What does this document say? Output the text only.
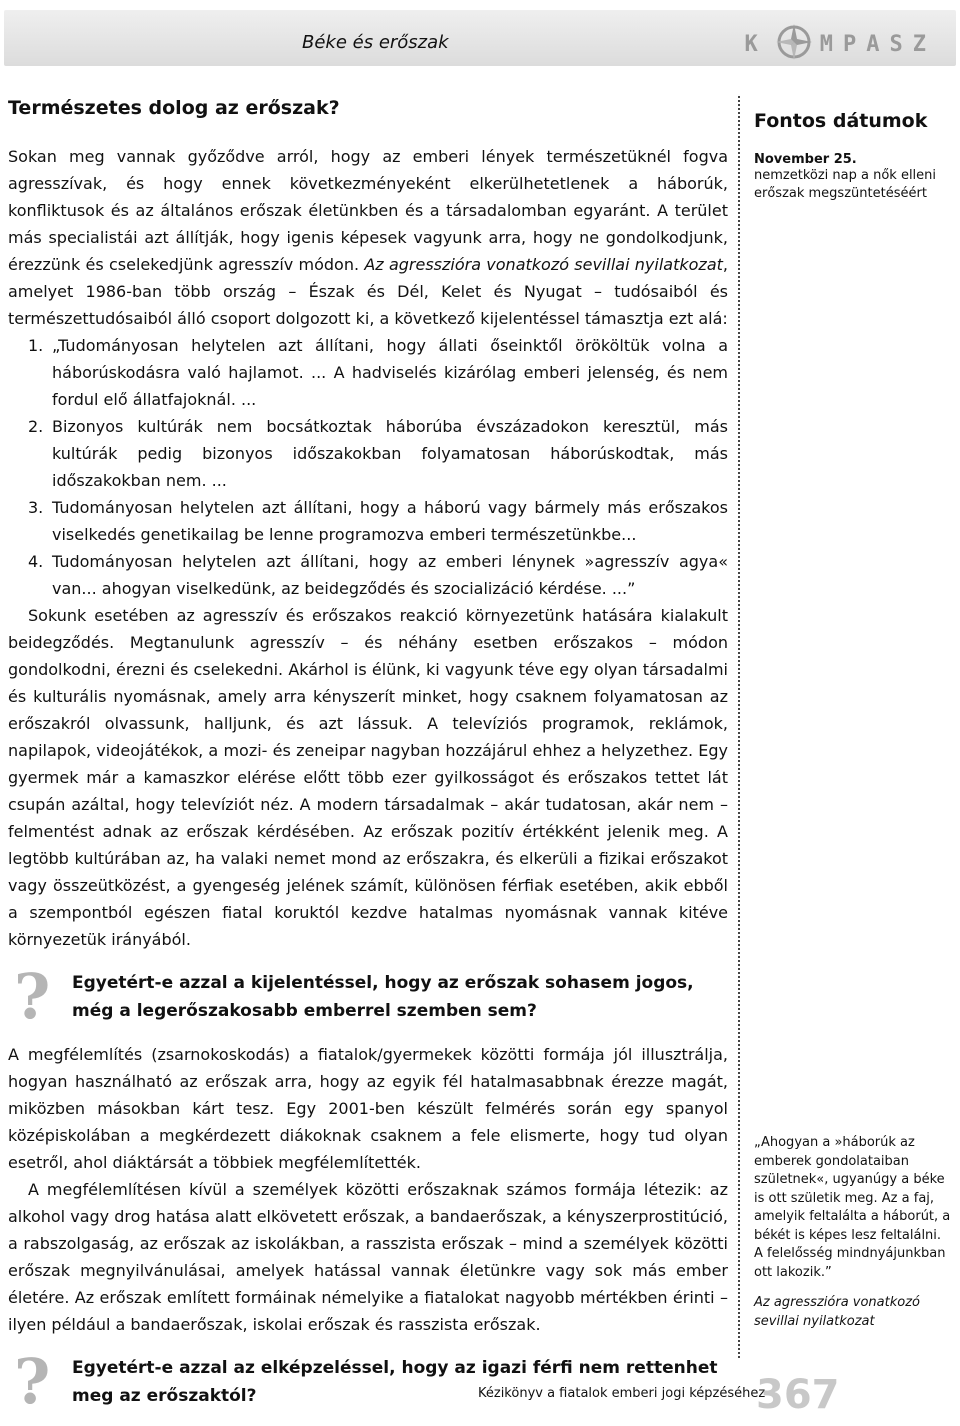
Béke és erőszak	K MPASZ
Természetes dolog az erőszak?

Sokan meg vannak győződve arról, hogy az emberi lények természetüknél fogva agresszívak, és hogy ennek következményeként elkerülhetetlenek a háborúk, konfliktusok és az általános erőszak életünkben és a társadalomban egyaránt. A terület más specialistái azt állítják, hogy igenis képesek vagyunk arra, hogy ne gondolkodjunk, érezzünk és cselekedjünk agresszív módon. Az agresszióra vonatkozó sevillai nyilatkozat, amelyet 1986-ban több ország – Észak és Dél, Kelet és Nyugat – tudósaiból és természettudósaiból álló csoport dolgozott ki, a következő kijelentéssel támasztja ezt alá:

1. „Tudományosan helytelen azt állítani, hogy állati őseinktől örököltük volna a háborúskodásra való hajlamot. ... A hadviselés kizárólag emberi jelenség, és nem fordul elő állatfajoknál. ...
2. Bizonyos kultúrák nem bocsátkoztak háborúba évszázadokon keresztül, más kultúrák pedig bizonyos időszakokban folyamatosan háborúskodtak, más időszakokban nem. ...
3. Tudományosan helytelen azt állítani, hogy a háború vagy bármely más erőszakos viselkedés genetikailag be lenne programozva emberi természetünkbe...
4. Tudományosan helytelen azt állítani, hogy az emberi lénynek »agresszív agya« van... ahogyan viselkedünk, az beidegződés és szocializáció kérdése. ...”

Sokunk esetében az agresszív és erőszakos reakció környezetünk hatására kialakult beidegződés. Megtanulunk agresszív – és néhány esetben erőszakos – módon gondolkodni, érezni és cselekedni. Akárhol is élünk, ki vagyunk téve egy olyan társadalmi és kulturális nyomásnak, amely arra kényszerít minket, hogy csaknem folyamatosan az erőszakról olvassunk, halljunk, és azt lássuk. A televíziós programok, reklámok, napilapok, videojátékok, a mozi- és zeneipar nagyban hozzájárul ehhez a helyzethez. Egy gyermek már a kamaszkor elérése előtt több ezer gyilkosságot és erőszakos tettet lát csupán azáltal, hogy televíziót néz. A modern társadalmak – akár tudatosan, akár nem – felmentést adnak az erőszak kérdésében. Az erőszak pozitív értékként jelenik meg. A legtöbb kultúrában az, ha valaki nemet mond az erőszakra, és elkerüli a fizikai erőszakot vagy összeütközést, a gyengeség jelének számít, különösen férfiak esetében, akik ebből a szempontból egészen fiatal koruktól kezdve hatalmas nyomásnak vannak kitéve környezetük irányából.

? Egyetért-e azzal a kijelentéssel, hogy az erőszak sohasem jogos, még a legerőszakosabb emberrel szemben sem?

A megfélemlítés (zsarnokoskodás) a fiatalok/gyermekek közötti formája jól illusztrálja, hogyan használható az erőszak arra, hogy az egyik fél hatalmasabbnak érezze magát, miközben másokban kárt tesz. Egy 2001-ben készült felmérés során egy spanyol középiskolában a megkérdezett diákoknak csaknem a fele elismerte, hogy tud olyan esetről, ahol diáktársát a többiek megfélemlítették.

A megfélemlítésen kívül a személyek közötti erőszaknak számos formája létezik: az alkohol vagy drog hatása alatt elkövetett erőszak, a bandaerőszak, a kényszerprostitúció, a rabszolgaság, az erőszak az iskolákban, a rasszista erőszak – mind a személyek közötti erőszak megnyilvánulásai, amelyek hatással vannak életünkre vagy sok más ember életére. Az erőszak említett formáinak némelyike a fiatalokat nagyobb mértékben érinti – ilyen például a bandaerőszak, iskolai erőszak és rasszista erőszak.

? Egyetért-e azzal az elképzeléssel, hogy az igazi férfi nem rettenhet meg az erőszaktól?
Fontos dátumok
November 25.
nemzetközi nap a nők elleni erőszak megszüntetéséért
„Ahogyan a »háborúk az emberek gondolataiban születnek«, ugyanúgy a béke is ott születik meg. Az a faj, amelyik feltalálta a háborút, a békét is képes lesz feltalálni. A felelősség mindnyájunkban ott lakozik.”
Az agresszióra vonatkozó sevillai nyilatkozat
Kézikönyv a fiatalok emberi jogi képzéséhez
367
